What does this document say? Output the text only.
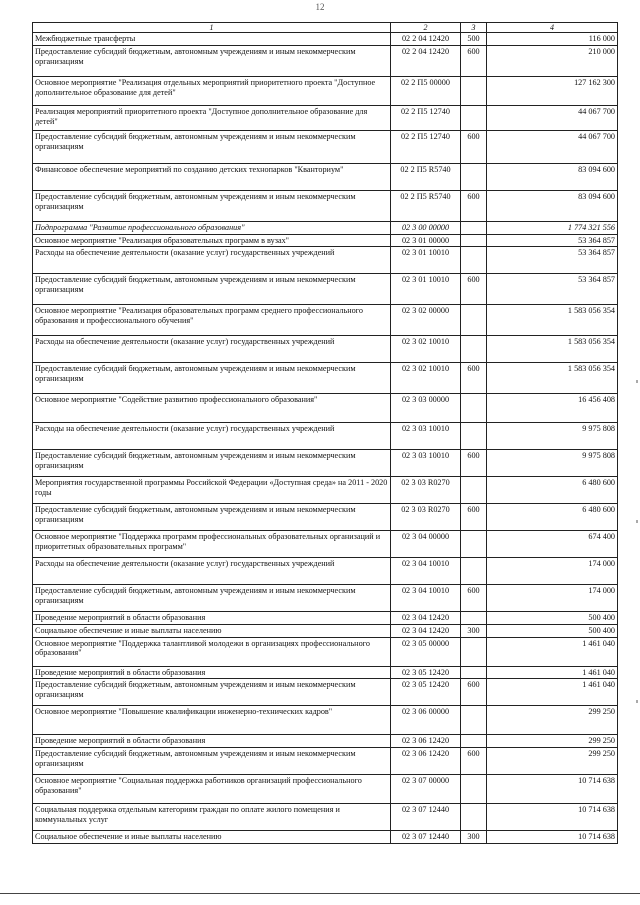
12
1	2	3	4
Межбюджетные трансферты	02 2 04 12420	500	116 000
Предоставление субсидий бюджетным, автономным учреждениям и иным некоммерческим организациям	02 2 04 12420	600	210 000
Основное мероприятие "Реализация отдельных мероприятий приоритетного проекта "Доступное дополнительное образование для детей"	02 2 П5 00000		127 162 300
Реализация мероприятий приоритетного проекта "Доступное дополнительное образование для детей"	02 2 П5 12740		44 067 700
Предоставление субсидий бюджетным, автономным учреждениям и иным некоммерческим организациям	02 2 П5 12740	600	44 067 700
Финансовое обеспечение мероприятий по созданию детских технопарков "Кванториум"	02 2 П5 R5740		83 094 600
Предоставление субсидий бюджетным, автономным учреждениям и иным некоммерческим организациям	02 2 П5 R5740	600	83 094 600
Подпрограмма "Развитие профессионального образования"	02 3 00 00000		1 774 321 556
Основное мероприятие "Реализация образовательных программ в вузах"	02 3 01 00000		53 364 857
Расходы на обеспечение деятельности (оказание услуг) государственных учреждений	02 3 01 10010		53 364 857
Предоставление субсидий бюджетным, автономным учреждениям и иным некоммерческим организациям	02 3 01 10010	600	53 364 857
Основное мероприятие "Реализация образовательных программ среднего профессионального образования и профессионального обучения"	02 3 02 00000		1 583 056 354
Расходы на обеспечение деятельности (оказание услуг) государственных учреждений	02 3 02 10010		1 583 056 354
Предоставление субсидий бюджетным, автономным учреждениям и иным некоммерческим организациям	02 3 02 10010	600	1 583 056 354
Основное мероприятие "Содействие развитию профессионального образования"	02 3 03 00000		16 456 408
Расходы на обеспечение деятельности (оказание услуг) государственных учреждений	02 3 03 10010		9 975 808
Предоставление субсидий бюджетным, автономным учреждениям и иным некоммерческим организациям	02 3 03 10010	600	9 975 808
Мероприятия государственной программы Российской Федерации «Доступная среда» на 2011 - 2020 годы	02 3 03 R0270		6 480 600
Предоставление субсидий бюджетным, автономным учреждениям и иным некоммерческим организациям	02 3 03 R0270	600	6 480 600
Основное мероприятие "Поддержка программ профессиональных образовательных организаций и приоритетных образовательных программ"	02 3 04 00000		674 400
Расходы на обеспечение деятельности (оказание услуг) государственных учреждений	02 3 04 10010		174 000
Предоставление субсидий бюджетным, автономным учреждениям и иным некоммерческим организациям	02 3 04 10010	600	174 000
Проведение мероприятий в области образования	02 3 04 12420		500 400
Социальное обеспечение и иные выплаты населению	02 3 04 12420	300	500 400
Основное мероприятие "Поддержка талантливой молодежи в организациях профессионального образования"	02 3 05 00000		1 461 040
Проведение мероприятий в области образования	02 3 05 12420		1 461 040
Предоставление субсидий бюджетным, автономным учреждениям и иным некоммерческим организациям	02 3 05 12420	600	1 461 040
Основное мероприятие "Повышение квалификации инженерно-технических кадров"	02 3 06 00000		299 250
Проведение мероприятий в области образования	02 3 06 12420		299 250
Предоставление субсидий бюджетным, автономным учреждениям и иным некоммерческим организациям	02 3 06 12420	600	299 250
Основное мероприятие "Социальная поддержка работников организаций профессионального образования"	02 3 07 00000		10 714 638
Социальная поддержка отдельным категориям граждан по оплате жилого помещения и коммунальных услуг	02 3 07 12440		10 714 638
Социальное обеспечение и иные выплаты населению	02 3 07 12440	300	10 714 638
